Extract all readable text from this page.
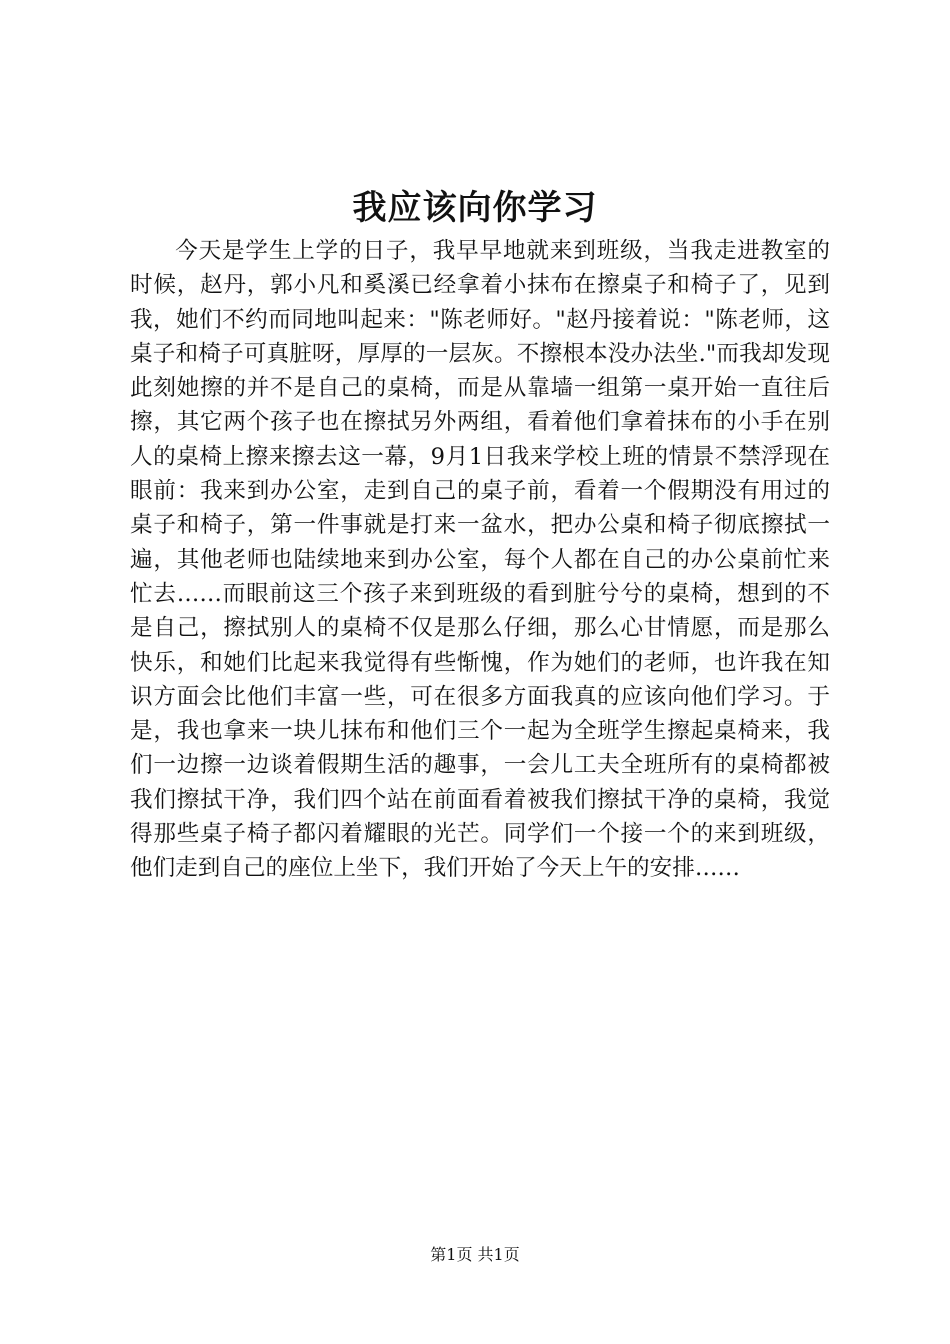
我应该向你学习

今天是学生上学的日子，我早早地就来到班级，当我走进教室的时候，赵丹，郭小凡和奚溪已经拿着小抹布在擦桌子和椅子了，见到我，她们不约而同地叫起来："陈老师好。"赵丹接着说："陈老师，这桌子和椅子可真脏呀，厚厚的一层灰。不擦根本没办法坐."而我却发现此刻她擦的并不是自己的桌椅，而是从靠墙一组第一桌开始一直往后擦，其它两个孩子也在擦拭另外两组，看着他们拿着抹布的小手在别人的桌椅上擦来擦去这一幕，9月1日我来学校上班的情景不禁浮现在眼前：我来到办公室，走到自己的桌子前，看着一个假期没有用过的桌子和椅子，第一件事就是打来一盆水，把办公桌和椅子彻底擦拭一遍，其他老师也陆续地来到办公室，每个人都在自己的办公桌前忙来忙去……而眼前这三个孩子来到班级的看到脏兮兮的桌椅，想到的不是自己，擦拭别人的桌椅不仅是那么仔细，那么心甘情愿，而是那么快乐，和她们比起来我觉得有些惭愧，作为她们的老师，也许我在知识方面会比他们丰富一些，可在很多方面我真的应该向他们学习。于是，我也拿来一块儿抹布和他们三个一起为全班学生擦起桌椅来，我们一边擦一边谈着假期生活的趣事，一会儿工夫全班所有的桌椅都被我们擦拭干净，我们四个站在前面看着被我们擦拭干净的桌椅，我觉得那些桌子椅子都闪着耀眼的光芒。同学们一个接一个的来到班级，他们走到自己的座位上坐下，我们开始了今天上午的安排……

第1页 共1页
